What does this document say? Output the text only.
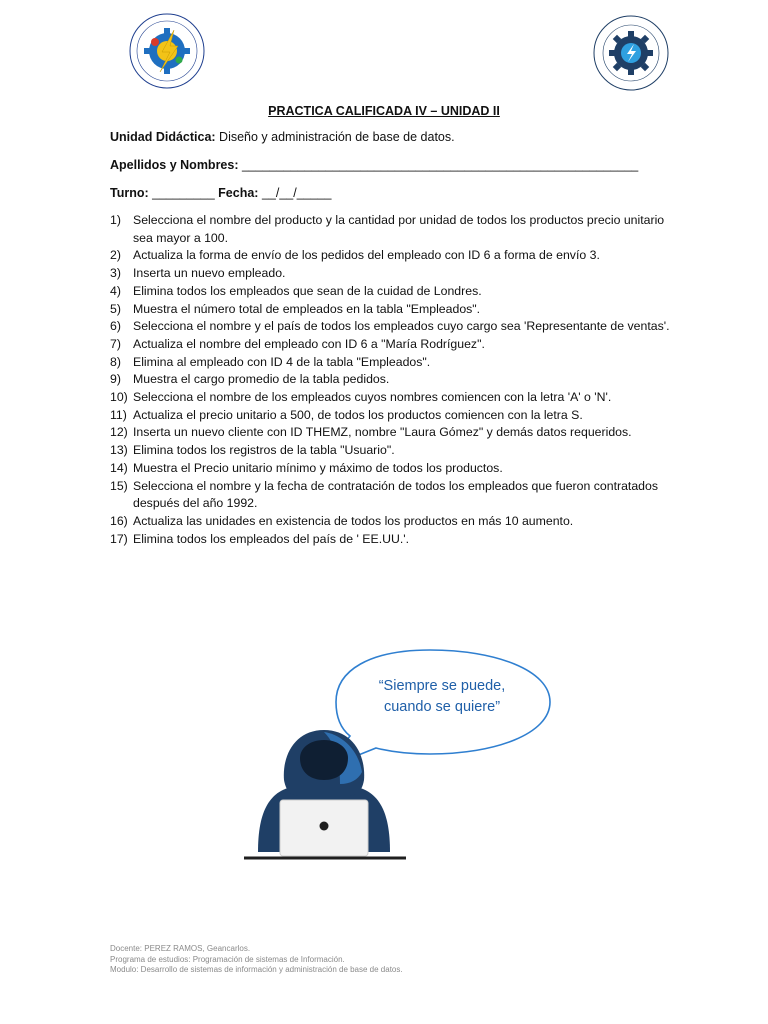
PRACTICA CALIFICADA IV – UNIDAD II
Unidad Didáctica: Diseño y administración de base de datos.
Apellidos y Nombres: _________________________________________________________
Turno: _________ Fecha: __/__/_____
1) Selecciona el nombre del producto y la cantidad por unidad de todos los productos precio unitario sea mayor a 100.
2) Actualiza la forma de envío de los pedidos del empleado con ID 6 a forma de envío 3.
3) Inserta un nuevo empleado.
4) Elimina todos los empleados que sean de la cuidad de Londres.
5) Muestra el número total de empleados en la tabla "Empleados".
6) Selecciona el nombre y el país de todos los empleados cuyo cargo sea 'Representante de ventas'.
7) Actualiza el nombre del empleado con ID 6 a "María Rodríguez".
8) Elimina al empleado con ID 4 de la tabla "Empleados".
9) Muestra el cargo promedio de la tabla pedidos.
10) Selecciona el nombre de los empleados cuyos nombres comiencen con la letra 'A' o 'N'.
11) Actualiza el precio unitario a 500, de todos los productos comiencen con la letra S.
12) Inserta un nuevo cliente con ID THEMZ, nombre "Laura Gómez" y demás datos requeridos.
13) Elimina todos los registros de la tabla "Usuario".
14) Muestra el Precio unitario mínimo y máximo de todos los productos.
15) Selecciona el nombre y la fecha de contratación de todos los empleados que fueron contratados después del año 1992.
16) Actualiza las unidades en existencia de todos los productos en más 10 aumento.
17) Elimina todos los empleados del país de ' EE.UU.'.
“Siempre se puede,
cuando se quiere”
Docente: PEREZ RAMOS, Geancarlos.
Programa de estudios: Programación de sistemas de Información.
Modulo: Desarrollo de sistemas de información y administración de base de datos.
